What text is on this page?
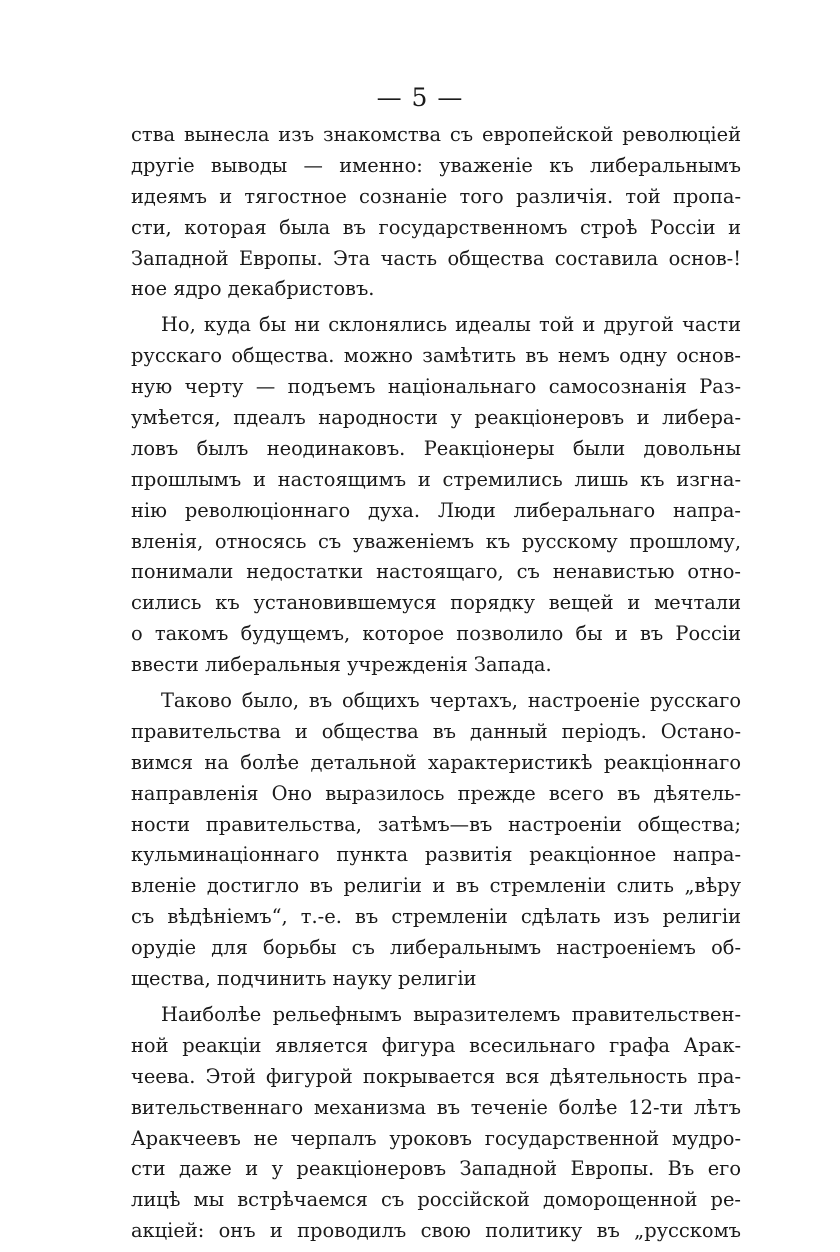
— 5 —
ства вынесла изъ знакомства съ европейской революцiей
другiе выводы — именно: уваженiе къ либеральнымъ
идеямъ и тягостное сознанiе того различiя. той пропа-
сти, которая была въ государственномъ строѣ Россiи и
Западной Европы. Эта часть общества составила основ-!
ное ядро декабристовъ.
Но, куда бы ни склонялись идеалы той и другой части
русскаго общества. можно замѣтить въ немъ одну основ-
ную черту — подъемъ нацiональнаго самосознанiя Раз-
умѣется, пдеалъ народности у реакцiонеровъ и либера-
ловъ былъ неодинаковъ. Реакцiонеры были довольны
прошлымъ и настоящимъ и стремились лишь къ изгна-
нiю революцiоннаго духа. Люди либеральнаго напра-
вленiя, относясь съ уваженiемъ къ русскому прошлому,
понимали недостатки настоящаго, съ ненавистью отно-
сились къ установившемуся порядку вещей и мечтали
о такомъ будущемъ, которое позволило бы и въ Россiи
ввести либеральныя учрежденiя Запада.
Таково было, въ общихъ чертахъ, настроенiе русскаго
правительства и общества въ данный перiодъ. Остано-
вимся на болѣе детальной характеристикѣ реакцiоннаго
направленiя Оно выразилось прежде всего въ дѣятель-
ности правительства, затѣмъ—въ настроенiи общества;
кульминацiоннаго пункта развитiя реакцiонное напра-
вленiе достигло въ религiи и въ стремленiи слить „вѣру
съ вѣдѣнiемъ“, т.-е. въ стремленiи сдѣлать изъ религiи
орудiе для борьбы съ либеральнымъ настроенiемъ об-
щества, подчинить науку религiи
Наиболѣе рельефнымъ выразителемъ правительствен-
ной реакцiи является фигура всесильнаго графа Арак-
чеева. Этой фигурой покрывается вся дѣятельность пра-
вительственнаго механизма въ теченiе болѣе 12-ти лѣтъ
Аракчеевъ не черпалъ уроковъ государственной мудро-
сти даже и у реакцiонеровъ Западной Европы. Въ его
лицѣ мы встрѣчаемся съ россiйской доморощенной ре-
акцiей: онъ и проводилъ свою политику въ „русскомъ
